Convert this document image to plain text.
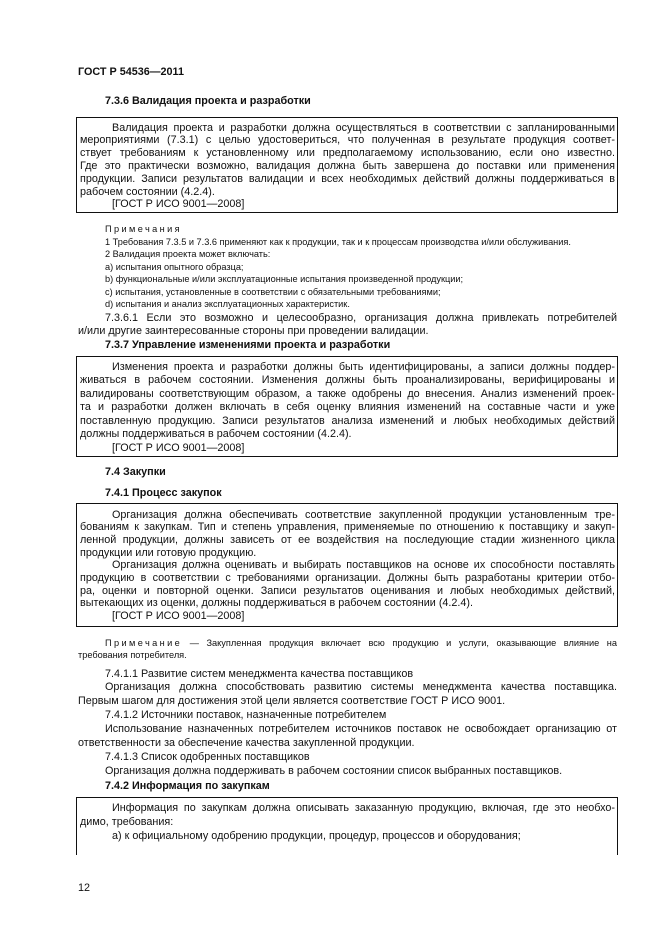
Примечания
Примечание — Закупленная продукция включает всю продукцию и услуги, оказывающие влияние на
ГОСТ Р 54536—2011
7.3.6 Валидация проекта и разработки
Валидация проекта и разработки должна осуществляться в соответствии с запланированными
мероприятиями (7.3.1) с целью удостовериться, что полученная в результате продукция соответ-
ствует требованиям к установленному или предполагаемому использованию, если оно известно.
Где это практически возможно, валидация должна быть завершена до поставки или применения
продукции. Записи результатов валидации и всех необходимых действий должны поддерживаться в
рабочем состоянии (4.2.4).
[ГОСТ Р ИСО 9001—2008]
1 Требования 7.3.5 и 7.3.6 применяют как к продукции, так и к процессам производства и/или обслуживания.
2 Валидация проекта может включать:
a) испытания опытного образца;
b) функциональные и/или эксплуатационные испытания произведенной продукции;
c) испытания, установленные в соответствии с обязательными требованиями;
d) испытания и анализ эксплуатационных характеристик.
7.3.6.1 Если это возможно и целесообразно, организация должна привлекать потребителей
и/или другие заинтересованные стороны при проведении валидации.
7.3.7 Управление изменениями проекта и разработки
Изменения проекта и разработки должны быть идентифицированы, а записи должны поддер-
живаться в рабочем состоянии. Изменения должны быть проанализированы, верифицированы и
валидированы соответствующим образом, а также одобрены до внесения. Анализ изменений проек-
та и разработки должен включать в себя оценку влияния изменений на составные части и уже
поставленную продукцию. Записи результатов анализа изменений и любых необходимых действий
должны поддерживаться в рабочем состоянии (4.2.4).
[ГОСТ Р ИСО 9001—2008]
7.4 Закупки
7.4.1 Процесс закупок
Организация должна обеспечивать соответствие закупленной продукции установленным тре-
бованиям к закупкам. Тип и степень управления, применяемые по отношению к поставщику и закуп-
ленной продукции, должны зависеть от ее воздействия на последующие стадии жизненного цикла
продукции или готовую продукцию.
Организация должна оценивать и выбирать поставщиков на основе их способности поставлять
продукцию в соответствии с требованиями организации. Должны быть разработаны критерии отбо-
ра, оценки и повторной оценки. Записи результатов оценивания и любых необходимых действий,
вытекающих из оценки, должны поддерживаться в рабочем состоянии (4.2.4).
[ГОСТ Р ИСО 9001—2008]
требования потребителя.
7.4.1.1 Развитие систем менеджмента качества поставщиков
Организация должна способствовать развитию системы менеджмента качества поставщика.
Первым шагом для достижения этой цели является соответствие ГОСТ Р ИСО 9001.
7.4.1.2 Источники поставок, назначенные потребителем
Использование назначенных потребителем источников поставок не освобождает организацию от
ответственности за обеспечение качества закупленной продукции.
7.4.1.3 Список одобренных поставщиков
Организация должна поддерживать в рабочем состоянии список выбранных поставщиков.
7.4.2 Информация по закупкам
Информация по закупкам должна описывать заказанную продукцию, включая, где это необхо-
димо, требования:
а) к официальному одобрению продукции, процедур, процессов и оборудования;
12
